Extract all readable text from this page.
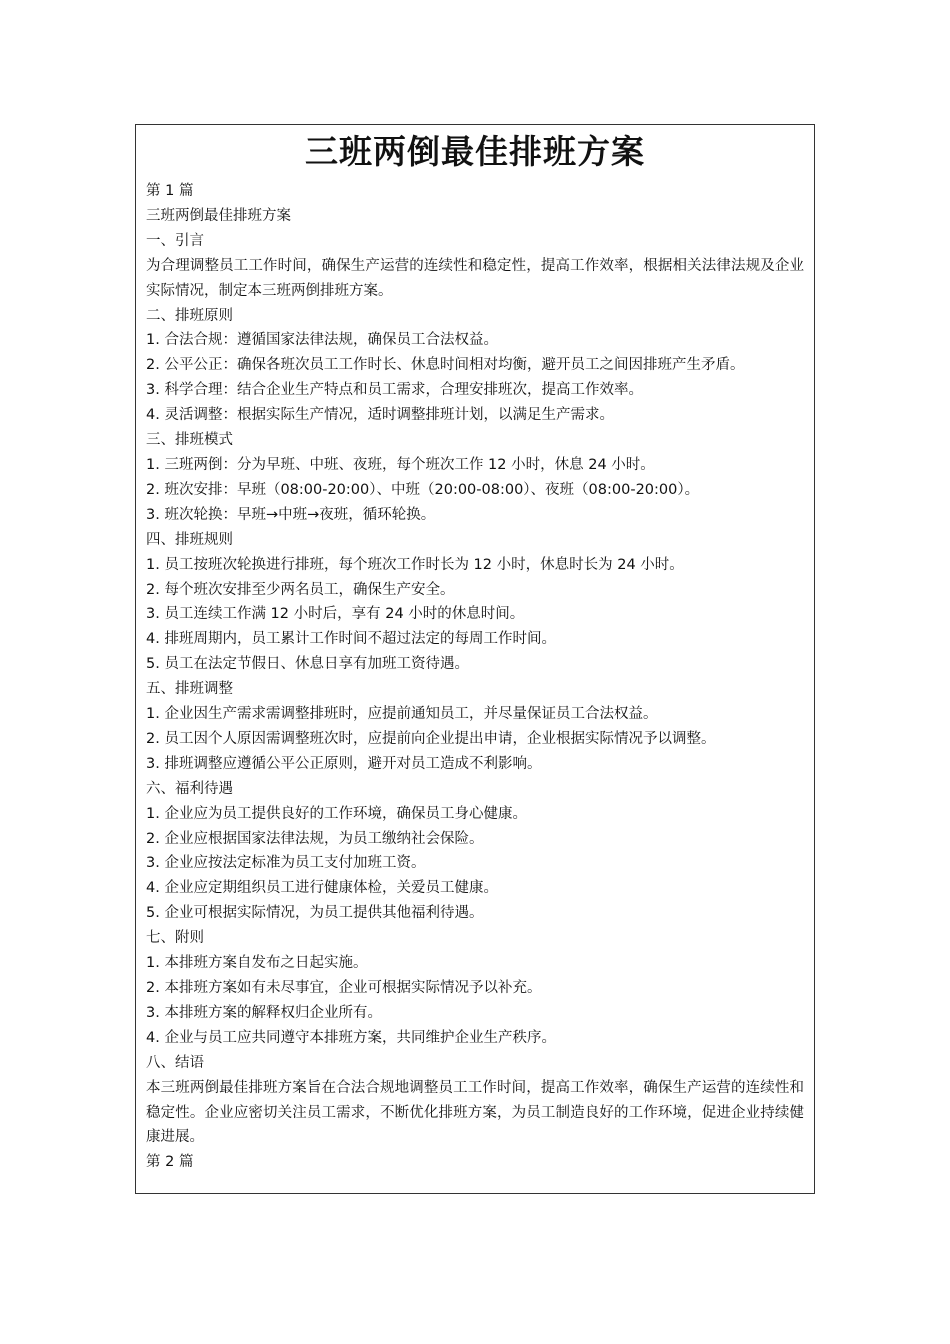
三班两倒最佳排班方案

第 1 篇

三班两倒最佳排班方案

一、引言

为合理调整员工工作时间，确保生产运营的连续性和稳定性，提高工作效率，根据相关法律法规及企业实际情况，制定本三班两倒排班方案。

二、排班原则

1. 合法合规：遵循国家法律法规，确保员工合法权益。

2. 公平公正：确保各班次员工工作时长、休息时间相对均衡，避开员工之间因排班产生矛盾。

3. 科学合理：结合企业生产特点和员工需求，合理安排班次，提高工作效率。

4. 灵活调整：根据实际生产情况，适时调整排班计划，以满足生产需求。

三、排班模式

1. 三班两倒：分为早班、中班、夜班，每个班次工作 12 小时，休息 24 小时。

2. 班次安排：早班（08:00-20:00）、中班（20:00-08:00）、夜班（08:00-20:00）。

3. 班次轮换：早班→中班→夜班，循环轮换。

四、排班规则

1. 员工按班次轮换进行排班，每个班次工作时长为 12 小时，休息时长为 24 小时。

2. 每个班次安排至少两名员工，确保生产安全。

3. 员工连续工作满 12 小时后，享有 24 小时的休息时间。

4. 排班周期内，员工累计工作时间不超过法定的每周工作时间。

5. 员工在法定节假日、休息日享有加班工资待遇。

五、排班调整

1. 企业因生产需求需调整排班时，应提前通知员工，并尽量保证员工合法权益。

2. 员工因个人原因需调整班次时，应提前向企业提出申请，企业根据实际情况予以调整。

3. 排班调整应遵循公平公正原则，避开对员工造成不利影响。

六、福利待遇

1. 企业应为员工提供良好的工作环境，确保员工身心健康。

2. 企业应根据国家法律法规，为员工缴纳社会保险。

3. 企业应按法定标准为员工支付加班工资。

4. 企业应定期组织员工进行健康体检，关爱员工健康。

5. 企业可根据实际情况，为员工提供其他福利待遇。

七、附则

1. 本排班方案自发布之日起实施。

2. 本排班方案如有未尽事宜，企业可根据实际情况予以补充。

3. 本排班方案的解释权归企业所有。

4. 企业与员工应共同遵守本排班方案，共同维护企业生产秩序。

八、结语

本三班两倒最佳排班方案旨在合法合规地调整员工工作时间，提高工作效率，确保生产运营的连续性和稳定性。企业应密切关注员工需求，不断优化排班方案，为员工制造良好的工作环境，促进企业持续健康进展。

第 2 篇
